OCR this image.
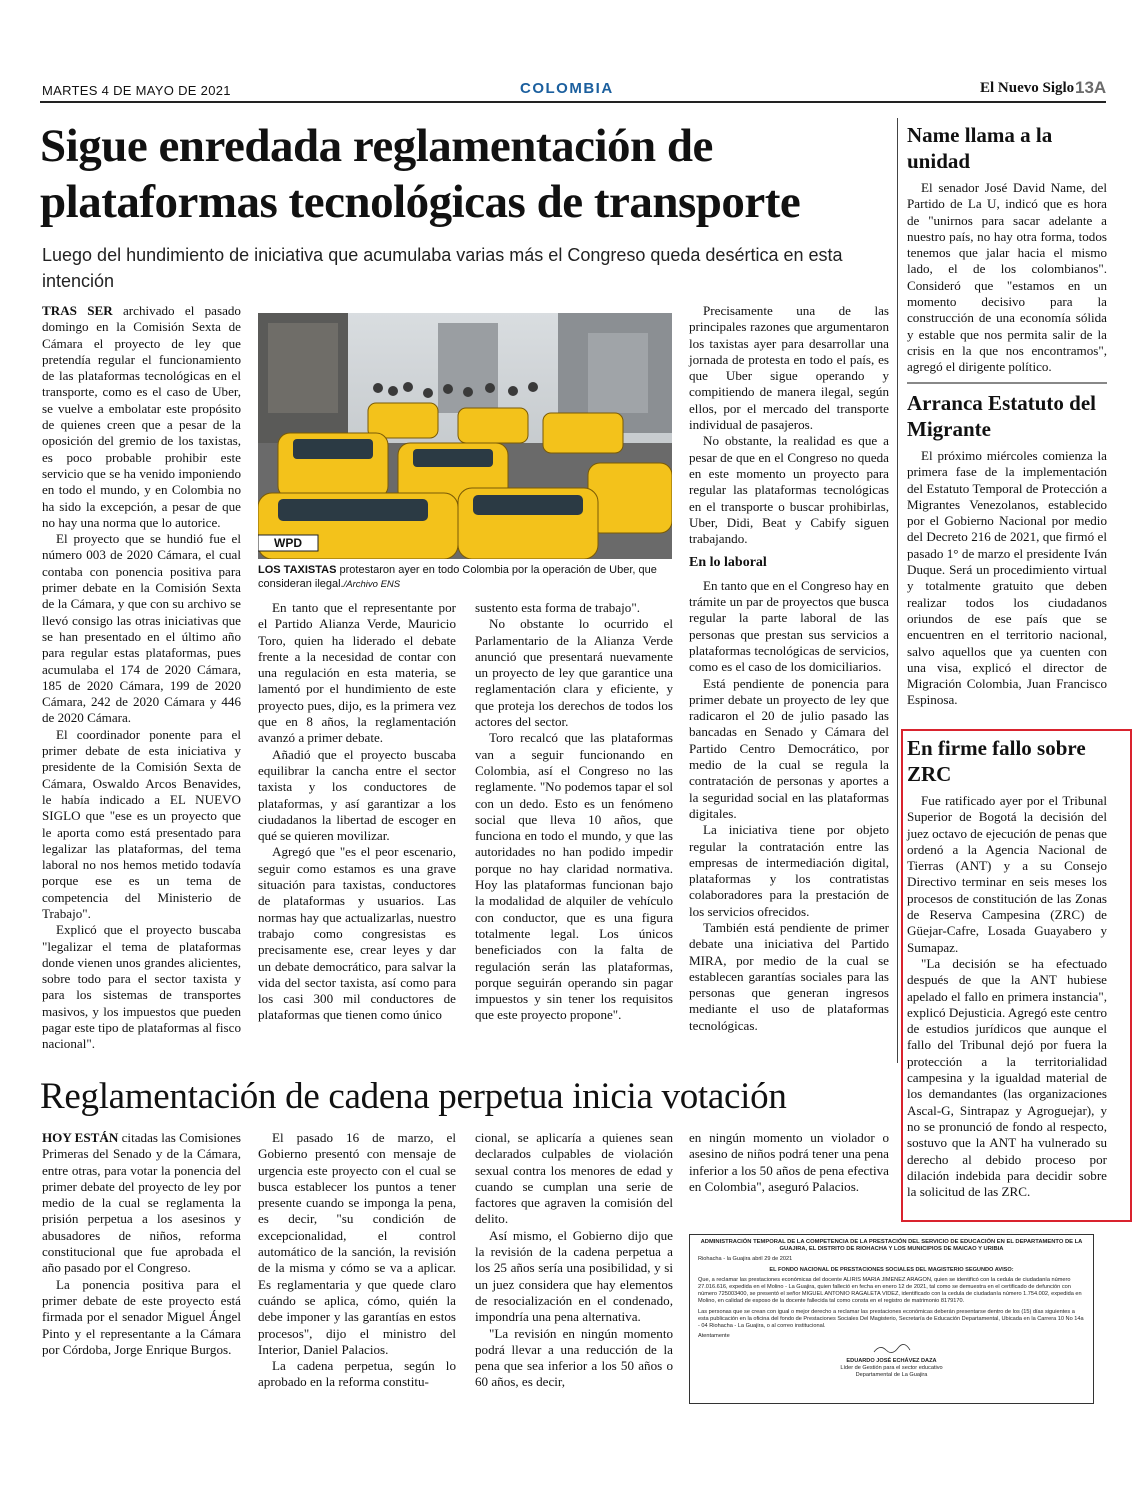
MARTES 4 DE MAYO DE 2021	COLOMBIA	El Nuevo Siglo 13A
Sigue enredada reglamentación de plataformas tecnológicas de transporte
Luego del hundimiento de iniciativa que acumulaba varias más el Congreso queda desértica en esta intención

TRAS SER archivado el pasado domingo en la Comisión Sexta de Cámara el proyecto de ley que pretendía regular el funcionamiento de las plataformas tecnológicas en el transporte, como es el caso de Uber, se vuelve a embolatar este propósito de quienes creen que a pesar de la oposición del gremio de los taxistas, es poco probable prohibir este servicio que se ha venido imponiendo en todo el mundo, y en Colombia no ha sido la excepción, a pesar de que no hay una norma que lo autorice.

El proyecto que se hundió fue el número 003 de 2020 Cámara, el cual contaba con ponencia positiva para primer debate en la Comisión Sexta de la Cámara, y que con su archivo se llevó consigo las otras iniciativas que se han presentado en el último año para regular estas plataformas, pues acumulaba el 174 de 2020 Cámara, 185 de 2020 Cámara, 199 de 2020 Cámara, 242 de 2020 Cámara y 446 de 2020 Cámara.

El coordinador ponente para el primer debate de esta iniciativa y presidente de la Comisión Sexta de Cámara, Oswaldo Arcos Benavides, le había indicado a EL NUEVO SIGLO que "ese es un proyecto que le aporta como está presentado para legalizar las plataformas, del tema laboral no nos hemos metido todavía porque ese es un tema de competencia del Ministerio de Trabajo".

Explicó que el proyecto buscaba "legalizar el tema de plataformas donde vienen unos grandes alicientes, sobre todo para el sector taxista y para los sistemas de transportes masivos, y los impuestos que pueden pagar este tipo de plataformas al fisco nacional".

WPD
LOS TAXISTAS protestaron ayer en todo Colombia por la operación de Uber, que consideran ilegal./Archivo ENS

En tanto que el representante por el Partido Alianza Verde, Mauricio Toro, quien ha liderado el debate frente a la necesidad de contar con una regulación en esta materia, se lamentó por el hundimiento de este proyecto pues, dijo, es la primera vez que en 8 años, la reglamentación avanzó a primer debate.

Añadió que el proyecto buscaba equilibrar la cancha entre el sector taxista y los conductores de plataformas, y así garantizar a los ciudadanos la libertad de escoger en qué se quieren movilizar.

Agregó que "es el peor escenario, seguir como estamos es una grave situación para taxistas, conductores de plataformas y usuarios. Las normas hay que actualizarlas, nuestro trabajo como congresistas es precisamente ese, crear leyes y dar un debate democrático, para salvar la vida del sector taxista, así como para los casi 300 mil conductores de plataformas que tienen como único

sustento esta forma de trabajo".

No obstante lo ocurrido el Parlamentario de la Alianza Verde anunció que presentará nuevamente un proyecto de ley que garantice una reglamentación clara y eficiente, y que proteja los derechos de todos los actores del sector.

Toro recalcó que las plataformas van a seguir funcionando en Colombia, así el Congreso no las reglamente. "No podemos tapar el sol con un dedo. Esto es un fenómeno social que lleva 10 años, que funciona en todo el mundo, y que las autoridades no han podido impedir porque no hay claridad normativa. Hoy las plataformas funcionan bajo la modalidad de alquiler de vehículo con conductor, que es una figura totalmente legal. Los únicos beneficiados con la falta de regulación serán las plataformas, porque seguirán operando sin pagar impuestos y sin tener los requisitos que este proyecto propone".

Precisamente una de las principales razones que argumentaron los taxistas ayer para desarrollar una jornada de protesta en todo el país, es que Uber sigue operando y compitiendo de manera ilegal, según ellos, por el mercado del transporte individual de pasajeros.

No obstante, la realidad es que a pesar de que en el Congreso no queda en este momento un proyecto para regular las plataformas tecnológicas en el transporte o buscar prohibirlas, Uber, Didi, Beat y Cabify siguen trabajando.

En lo laboral

En tanto que en el Congreso hay en trámite un par de proyectos que busca regular la parte laboral de las personas que prestan sus servicios a plataformas tecnológicas de servicios, como es el caso de los domiciliarios.

Está pendiente de ponencia para primer debate un proyecto de ley que radicaron el 20 de julio pasado las bancadas en Senado y Cámara del Partido Centro Democrático, por medio de la cual se regula la contratación de personas y aportes a la seguridad social en las plataformas digitales.

La iniciativa tiene por objeto regular la contratación entre las empresas de intermediación digital, plataformas y los contratistas colaboradores para la prestación de los servicios ofrecidos.

También está pendiente de primer debate una iniciativa del Partido MIRA, por medio de la cual se establecen garantías sociales para las personas que generan ingresos mediante el uso de plataformas tecnológicas.

Name llama a la unidad

El senador José David Name, del Partido de La U, indicó que es hora de "unirnos para sacar adelante a nuestro país, no hay otra forma, todos tenemos que jalar hacia el mismo lado, el de los colombianos". Consideró que "estamos en un momento decisivo para la construcción de una economía sólida y estable que nos permita salir de la crisis en la que nos encontramos", agregó el dirigente político.

Arranca Estatuto del Migrante

El próximo miércoles comienza la primera fase de la implementación del Estatuto Temporal de Protección a Migrantes Venezolanos, establecido por el Gobierno Nacional por medio del Decreto 216 de 2021, que firmó el pasado 1° de marzo el presidente Iván Duque. Será un procedimiento virtual y totalmente gratuito que deben realizar todos los ciudadanos oriundos de ese país que se encuentren en el territorio nacional, salvo aquellos que ya cuenten con una visa, explicó el director de Migración Colombia, Juan Francisco Espinosa.

En firme fallo sobre ZRC

Fue ratificado ayer por el Tribunal Superior de Bogotá la decisión del juez octavo de ejecución de penas que ordenó a la Agencia Nacional de Tierras (ANT) y a su Consejo Directivo terminar en seis meses los procesos de constitución de las Zonas de Reserva Campesina (ZRC) de Güejar-Cafre, Losada Guayabero y Sumapaz.

"La decisión se ha efectuado después de que la ANT hubiese apelado el fallo en primera instancia", explicó Dejusticia. Agregó este centro de estudios jurídicos que aunque el fallo del Tribunal dejó por fuera la protección a la territorialidad campesina y la igualdad material de los demandantes (las organizaciones Ascal-G, Sintrapaz y Agroguejar), y no se pronunció de fondo al respecto, sostuvo que la ANT ha vulnerado su derecho al debido proceso por dilación indebida para decidir sobre la solicitud de las ZRC.

Reglamentación de cadena perpetua inicia votación

HOY ESTÁN citadas las Comisiones Primeras del Senado y de la Cámara, entre otras, para votar la ponencia del primer debate del proyecto de ley por medio de la cual se reglamenta la prisión perpetua a los asesinos y abusadores de niños, reforma constitucional que fue aprobada el año pasado por el Congreso.

La ponencia positiva para el primer debate de este proyecto está firmada por el senador Miguel Ángel Pinto y el representante a la Cámara por Córdoba, Jorge Enrique Burgos.

El pasado 16 de marzo, el Gobierno presentó con mensaje de urgencia este proyecto con el cual se busca establecer los puntos a tener presente cuando se imponga la pena, es decir, "su condición de excepcionalidad, el control automático de la sanción, la revisión de la misma y cómo se va a aplicar. Es reglamentaria y que quede claro cuándo se aplica, cómo, quién la debe imponer y las garantías en estos procesos", dijo el ministro del Interior, Daniel Palacios.

La cadena perpetua, según lo aprobado en la reforma constitu-

cional, se aplicaría a quienes sean declarados culpables de violación sexual contra los menores de edad y cuando se cumplan una serie de factores que agraven la comisión del delito.

Así mismo, el Gobierno dijo que la revisión de la cadena perpetua a los 25 años sería una posibilidad, y si un juez considera que hay elementos de resocialización en el condenado, impondría una pena alternativa.

"La revisión en ningún momento podrá llevar a una reducción de la pena que sea inferior a los 50 años o 60 años, es decir,

en ningún momento un violador o asesino de niños podrá tener una pena inferior a los 50 años de pena efectiva en Colombia", aseguró Palacios.

ADMINISTRACIÓN TEMPORAL DE LA COMPETENCIA DE LA PRESTACIÓN DEL SERVICIO DE EDUCACIÓN EN EL DEPARTAMENTO DE LA GUAJIRA, EL DISTRITO DE RIOHACHA Y LOS MUNICIPIOS DE MAICAO Y URIBIA

Riohacha - la Guajira abril 29 de 2021

EL FONDO NACIONAL DE PRESTACIONES SOCIALES DEL MAGISTERIO SEGUNDO AVISO:

Que, a reclamar las prestaciones económicas del docente ALIRIS MARIA JIMENEZ ARAGON, quien se identificó con la cedula de ciudadanía número 27.016.616, expedida en el Molino - La Guajira, quien falleció en fecha en enero 12 de 2021, tal como se demuestra en el certificado de defunción con número 725003400, se presentó el señor MIGUEL ANTONIO RAGALETA VIDEZ, identificado con la cedula de ciudadanía número 1.754.002, expedida en Molino, en calidad de esposo de la docente fallecida tal como consta en el registro de matrimonio 8179170.

Las personas que se crean con igual o mejor derecho a reclamar las prestaciones económicas deberán presentarse dentro de los (15) días siguientes a esta publicación en la oficina del fondo de Prestaciones Sociales Del Magisterio, Secretaría de Educación Departamental, Ubicada en la Carrera 10 No 14a - 04 Riohacha - La Guajira, o al correo institucional.

Atentamente

EDUARDO JOSÉ ECHÁVEZ DAZA
Líder de Gestión para el sector educativo
Departamental de La Guajira
